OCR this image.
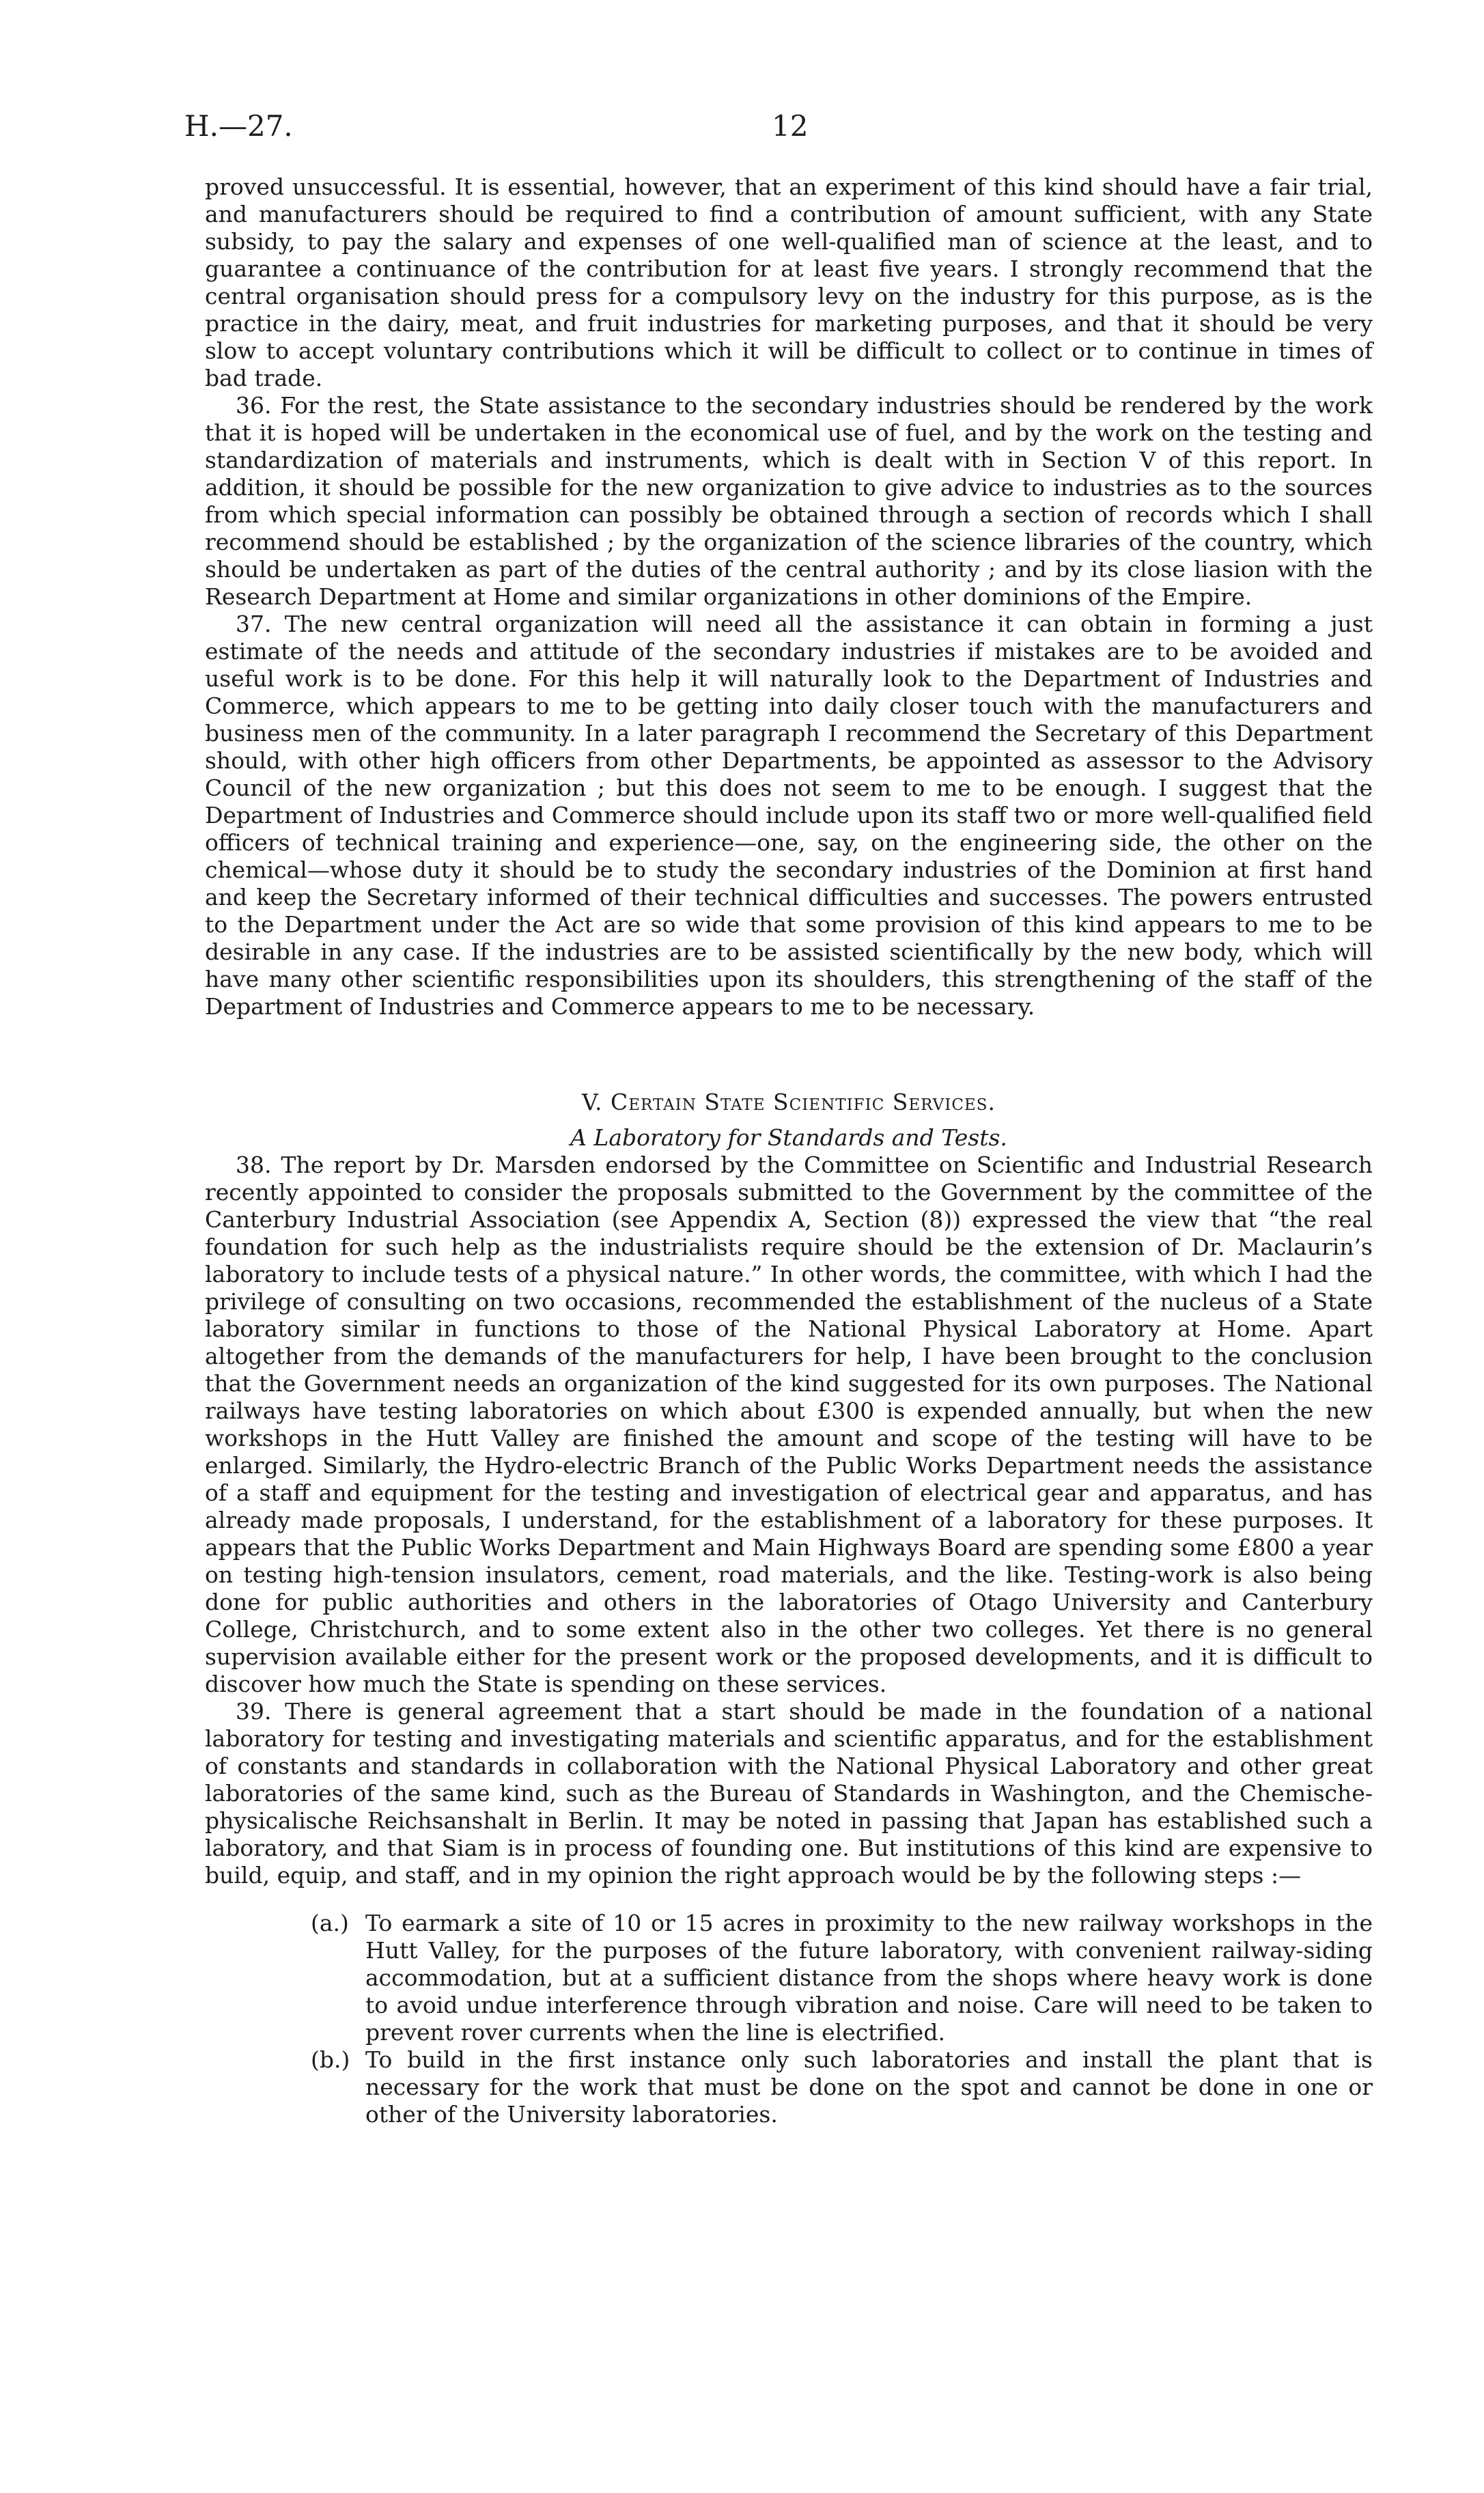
H.—27.	12

proved unsuccessful. It is essential, however, that an experiment of this kind should have a fair trial, and manufacturers should be required to find a contribution of amount sufficient, with any State subsidy, to pay the salary and expenses of one well-qualified man of science at the least, and to guarantee a continuance of the contribution for at least five years. I strongly recommend that the central organisation should press for a compulsory levy on the industry for this purpose, as is the practice in the dairy, meat, and fruit industries for marketing purposes, and that it should be very slow to accept voluntary contributions which it will be difficult to collect or to continue in times of bad trade.

36. For the rest, the State assistance to the secondary industries should be rendered by the work that it is hoped will be undertaken in the economical use of fuel, and by the work on the testing and standardization of materials and instruments, which is dealt with in Section V of this report. In addition, it should be possible for the new organization to give advice to industries as to the sources from which special information can possibly be obtained through a section of records which I shall recommend should be established ; by the organization of the science libraries of the country, which should be undertaken as part of the duties of the central authority ; and by its close liasion with the Research Department at Home and similar organizations in other dominions of the Empire.

37. The new central organization will need all the assistance it can obtain in forming a just estimate of the needs and attitude of the secondary industries if mistakes are to be avoided and useful work is to be done. For this help it will naturally look to the Department of Industries and Commerce, which appears to me to be getting into daily closer touch with the manufacturers and business men of the community. In a later paragraph I recommend the Secretary of this Department should, with other high officers from other Departments, be appointed as assessor to the Advisory Council of the new organization ; but this does not seem to me to be enough. I suggest that the Department of Industries and Commerce should include upon its staff two or more well-qualified field officers of technical training and experience—one, say, on the engineering side, the other on the chemical—whose duty it should be to study the secondary industries of the Dominion at first hand and keep the Secretary informed of their technical difficulties and successes. The powers entrusted to the Department under the Act are so wide that some provision of this kind appears to me to be desirable in any case. If the industries are to be assisted scientifically by the new body, which will have many other scientific responsibilities upon its shoulders, this strengthening of the staff of the Department of Industries and Commerce appears to me to be necessary.

V. Certain State Scientific Services.
A Laboratory for Standards and Tests.

38. The report by Dr. Marsden endorsed by the Committee on Scientific and Industrial Research recently appointed to consider the proposals submitted to the Government by the committee of the Canterbury Industrial Association (see Appendix A, Section (8)) expressed the view that “the real foundation for such help as the industrialists require should be the extension of Dr. Maclaurin’s laboratory to include tests of a physical nature.” In other words, the committee, with which I had the privilege of consulting on two occasions, recommended the establishment of the nucleus of a State laboratory similar in functions to those of the National Physical Laboratory at Home. Apart altogether from the demands of the manufacturers for help, I have been brought to the conclusion that the Government needs an organization of the kind suggested for its own purposes. The National railways have testing laboratories on which about £300 is expended annually, but when the new workshops in the Hutt Valley are finished the amount and scope of the testing will have to be enlarged. Similarly, the Hydro-electric Branch of the Public Works Department needs the assistance of a staff and equipment for the testing and investigation of electrical gear and apparatus, and has already made proposals, I understand, for the establishment of a laboratory for these purposes. It appears that the Public Works Department and Main Highways Board are spending some £800 a year on testing high-tension insulators, cement, road materials, and the like. Testing-work is also being done for public authorities and others in the laboratories of Otago University and Canterbury College, Christchurch, and to some extent also in the other two colleges. Yet there is no general supervision available either for the present work or the proposed developments, and it is difficult to discover how much the State is spending on these services.

39. There is general agreement that a start should be made in the foundation of a national laboratory for testing and investigating materials and scientific apparatus, and for the establishment of constants and standards in collaboration with the National Physical Laboratory and other great laboratories of the same kind, such as the Bureau of Standards in Washington, and the Chemische-physicalische Reichsanshalt in Berlin. It may be noted in passing that Japan has established such a laboratory, and that Siam is in process of founding one. But institutions of this kind are expensive to build, equip, and staff, and in my opinion the right approach would be by the following steps :—

(a.) To earmark a site of 10 or 15 acres in proximity to the new railway workshops in the Hutt Valley, for the purposes of the future laboratory, with convenient railway-siding accommodation, but at a sufficient distance from the shops where heavy work is done to avoid undue interference through vibration and noise. Care will need to be taken to prevent rover currents when the line is electrified.
(b.) To build in the first instance only such laboratories and install the plant that is necessary for the work that must be done on the spot and cannot be done in one or other of the University laboratories.
